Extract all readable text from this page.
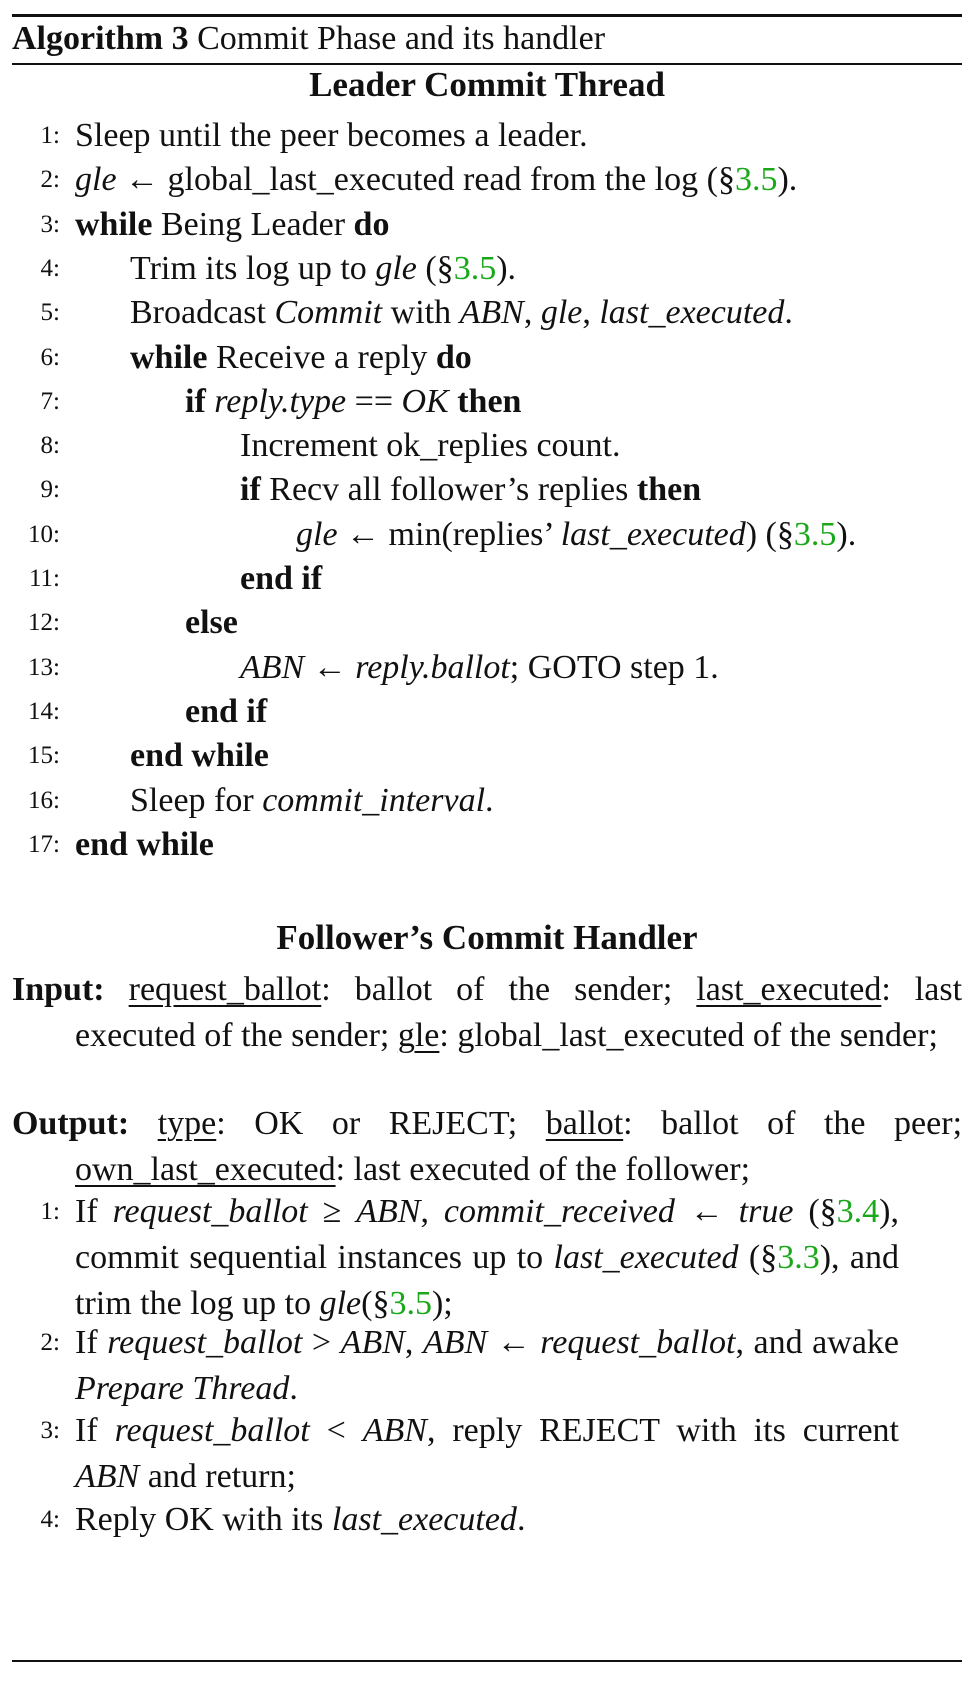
Algorithm 3 Commit Phase and its handler
Leader Commit Thread
1: Sleep until the peer becomes a leader.
2: gle ← global_last_executed read from the log (§3.5).
3: while Being Leader do
4: Trim its log up to gle (§3.5).
5: Broadcast Commit with ABN, gle, last_executed.
6: while Receive a reply do
7:	if reply.type == OK then
8:	Increment ok_replies count.
9:	if Recv all follower’s replies then
10:	gle ← min(replies’ last_executed) (§3.5).
11:	end if
12:	else
13:	ABN ← reply.ballot; GOTO step 1.
14:	end if
15: end while
16: Sleep for commit_interval.
17: end while
Follower’s Commit Handler
Input: request_ballot: ballot of the sender; last_executed: last executed of the sender; gle: global_last_executed of the sender;
Output: type: OK or REJECT; ballot: ballot of the peer; own_last_executed: last executed of the follower;
1: If request_ballot ≥ ABN, commit_received ← true (§3.4), commit sequential instances up to last_executed (§3.3), and trim the log up to gle(§3.5);
2: If request_ballot > ABN, ABN ← request_ballot, and awake Prepare Thread.
3: If request_ballot < ABN, reply REJECT with its current ABN and return;
4: Reply OK with its last_executed.
